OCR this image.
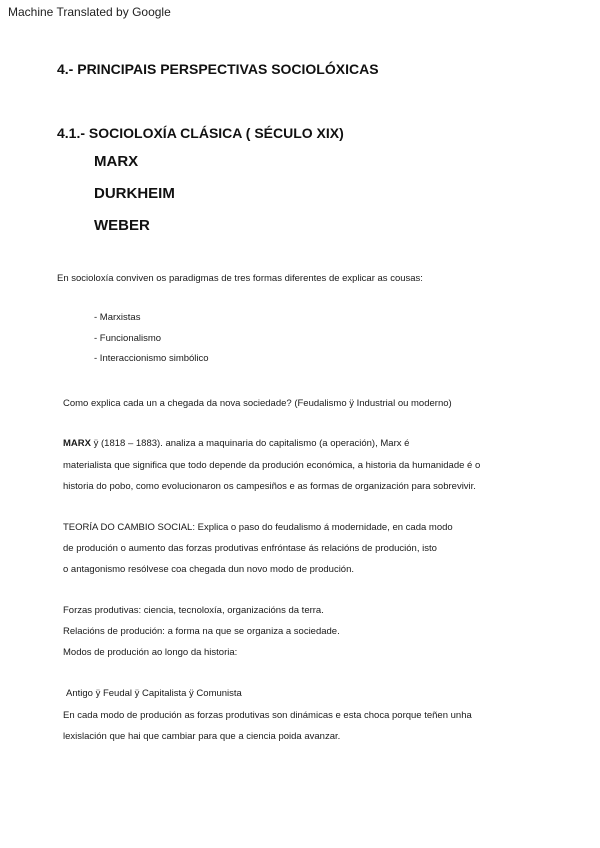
Machine Translated by Google
4.- PRINCIPAIS PERSPECTIVAS SOCIOLÓXICAS
4.1.- SOCIOLOXÍA CLÁSICA ( SÉCULO XIX)
MARX
DURKHEIM
WEBER
En socioloxía conviven os paradigmas de tres formas diferentes de explicar as cousas:
- Marxistas
- Funcionalismo
- Interaccionismo simbólico
Como explica cada un a chegada da nova sociedade? (Feudalismo ÿ Industrial ou moderno)
MARX ÿ (1818 – 1883). analiza a maquinaria do capitalismo (a operación), Marx é
materialista que significa que todo depende da produción económica, a historia da humanidade é o
historia do pobo, como evolucionaron os campesiños e as formas de organización para sobrevivir.
TEORÍA DO CAMBIO SOCIAL: Explica o paso do feudalismo á modernidade, en cada modo
de produción o aumento das forzas produtivas enfróntase ás relacións de produción, isto
o antagonismo resólvese coa chegada dun novo modo de produción.
Forzas produtivas: ciencia, tecnoloxía, organizacións da terra.
Relacións de produción: a forma na que se organiza a sociedade.
Modos de produción ao longo da historia:
Antigo ÿ Feudal ÿ Capitalista ÿ Comunista
En cada modo de produción as forzas produtivas son dinámicas e esta choca porque teñen unha
lexislación que hai que cambiar para que a ciencia poida avanzar.
